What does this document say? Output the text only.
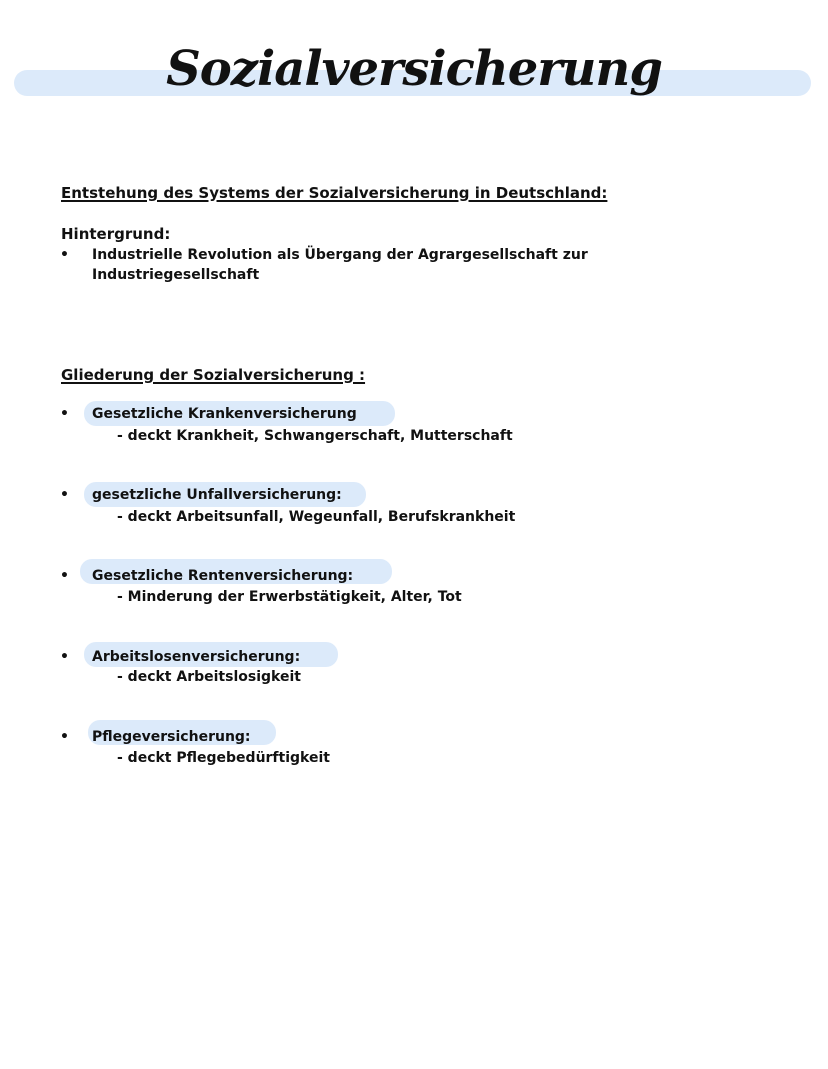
Sozialversicherung
Entstehung des Systems der Sozialversicherung in Deutschland:
Hintergrund:
• Industrielle Revolution als Übergang der Agrargesellschaft zur Industriegesellschaft
Gliederung der Sozialversicherung :
• Gesetzliche Krankenversicherung
- deckt Krankheit, Schwangerschaft, Mutterschaft
• gesetzliche Unfallversicherung:
- deckt Arbeitsunfall, Wegeunfall, Berufskrankheit
• Gesetzliche Rentenversicherung:
- Minderung der Erwerbstätigkeit, Alter, Tot
• Arbeitslosenversicherung:
- deckt Arbeitslosigkeit
• Pflegeversicherung:
- deckt Pflegebedürftigkeit
